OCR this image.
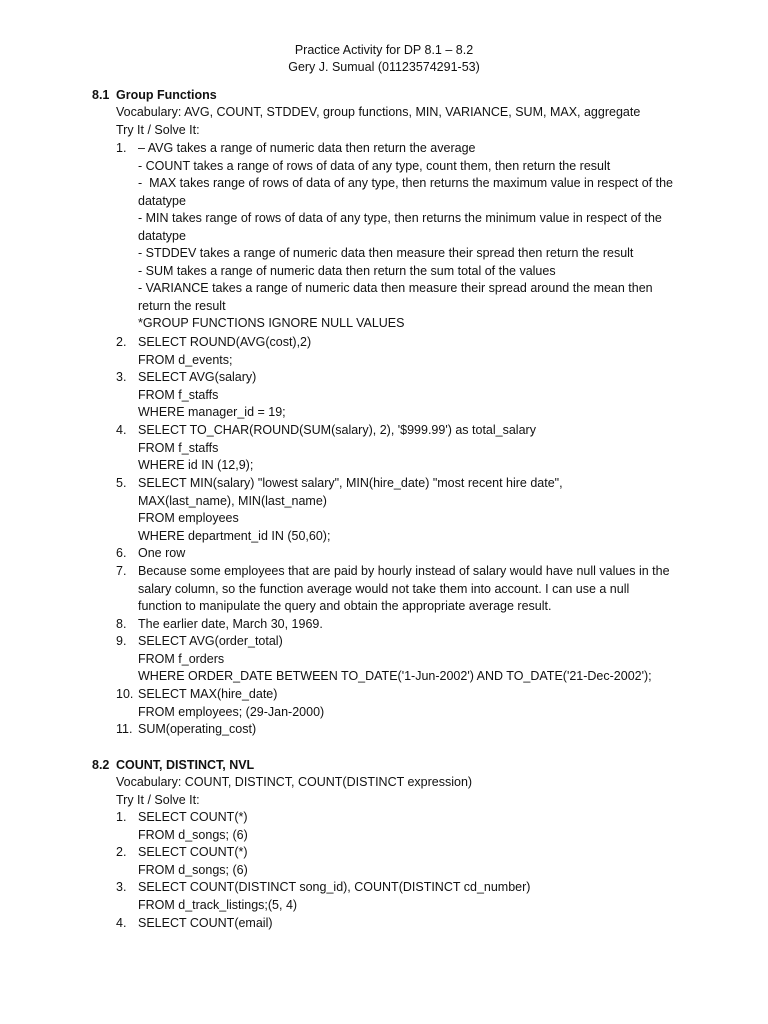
Practice Activity for DP 8.1 – 8.2
Gery J. Sumual (01123574291-53)
8.1 Group Functions
Vocabulary: AVG, COUNT, STDDEV, group functions, MIN, VARIANCE, SUM, MAX, aggregate
Try It / Solve It:
1. – AVG takes a range of numeric data then return the average
- COUNT takes a range of rows of data of any type, count them, then return the result
-  MAX takes range of rows of data of any type, then returns the maximum value in respect of the datatype
- MIN takes range of rows of data of any type, then returns the minimum value in respect of the datatype
- STDDEV takes a range of numeric data then measure their spread then return the result
- SUM takes a range of numeric data then return the sum total of the values
- VARIANCE takes a range of numeric data then measure their spread around the mean then return the result
*GROUP FUNCTIONS IGNORE NULL VALUES
2. SELECT ROUND(AVG(cost),2)
FROM d_events;
3. SELECT AVG(salary)
FROM f_staffs
WHERE manager_id = 19;
4. SELECT TO_CHAR(ROUND(SUM(salary), 2), '$999.99') as total_salary
FROM f_staffs
WHERE id IN (12,9);
5. SELECT MIN(salary) "lowest salary", MIN(hire_date) "most recent hire date",
MAX(last_name), MIN(last_name)
FROM employees
WHERE department_id IN (50,60);
6. One row
7. Because some employees that are paid by hourly instead of salary would have null values in the salary column, so the function average would not take them into account. I can use a null function to manipulate the query and obtain the appropriate average result.
8. The earlier date, March 30, 1969.
9. SELECT AVG(order_total)
FROM f_orders
WHERE ORDER_DATE BETWEEN TO_DATE('1-Jun-2002') AND TO_DATE('21-Dec-2002');
10. SELECT MAX(hire_date)
FROM employees; (29-Jan-2000)
11. SUM(operating_cost)
8.2 COUNT, DISTINCT, NVL
Vocabulary: COUNT, DISTINCT, COUNT(DISTINCT expression)
Try It / Solve It:
1. SELECT COUNT(*)
FROM d_songs; (6)
2. SELECT COUNT(*)
FROM d_songs; (6)
3. SELECT COUNT(DISTINCT song_id), COUNT(DISTINCT cd_number)
FROM d_track_listings;(5, 4)
4. SELECT COUNT(email)
